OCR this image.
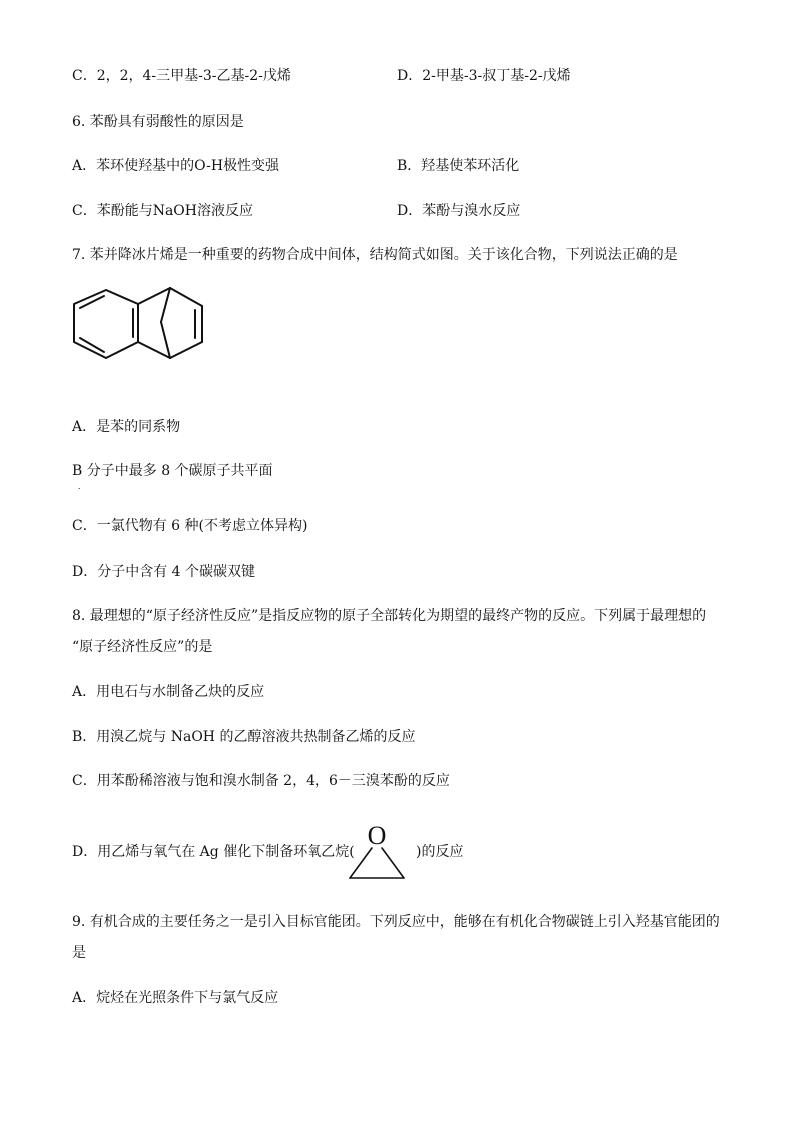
C．2，2，4-三甲基-3-乙基-2-戊烯	D．2-甲基-3-叔丁基-2-戊烯
6. 苯酚具有弱酸性的原因是
A．苯环使羟基中的O-H极性变强	B．羟基使苯环活化
C．苯酚能与NaOH溶液反应	D．苯酚与溴水反应
7. 苯并降冰片烯是一种重要的药物合成中间体，结构简式如图。关于该化合物，下列说法正确的是
A．是苯的同系物
B 分子中最多 8 个碳原子共平面
．
C．一氯代物有 6 种(不考虑立体异构)
D．分子中含有 4 个碳碳双键
8. 最理想的“原子经济性反应”是指反应物的原子全部转化为期望的最终产物的反应。下列属于最理想的
“原子经济性反应”的是
A．用电石与水制备乙炔的反应
B．用溴乙烷与 NaOH 的乙醇溶液共热制备乙烯的反应
C．用苯酚稀溶液与饱和溴水制备 2，4，6－三溴苯酚的反应
D．用乙烯与氧气在 Ag 催化下制备环氧乙烷(
O
)的反应
9. 有机合成的主要任务之一是引入目标官能团。下列反应中，能够在有机化合物碳链上引入羟基官能团的
是
A．烷烃在光照条件下与氯气反应
